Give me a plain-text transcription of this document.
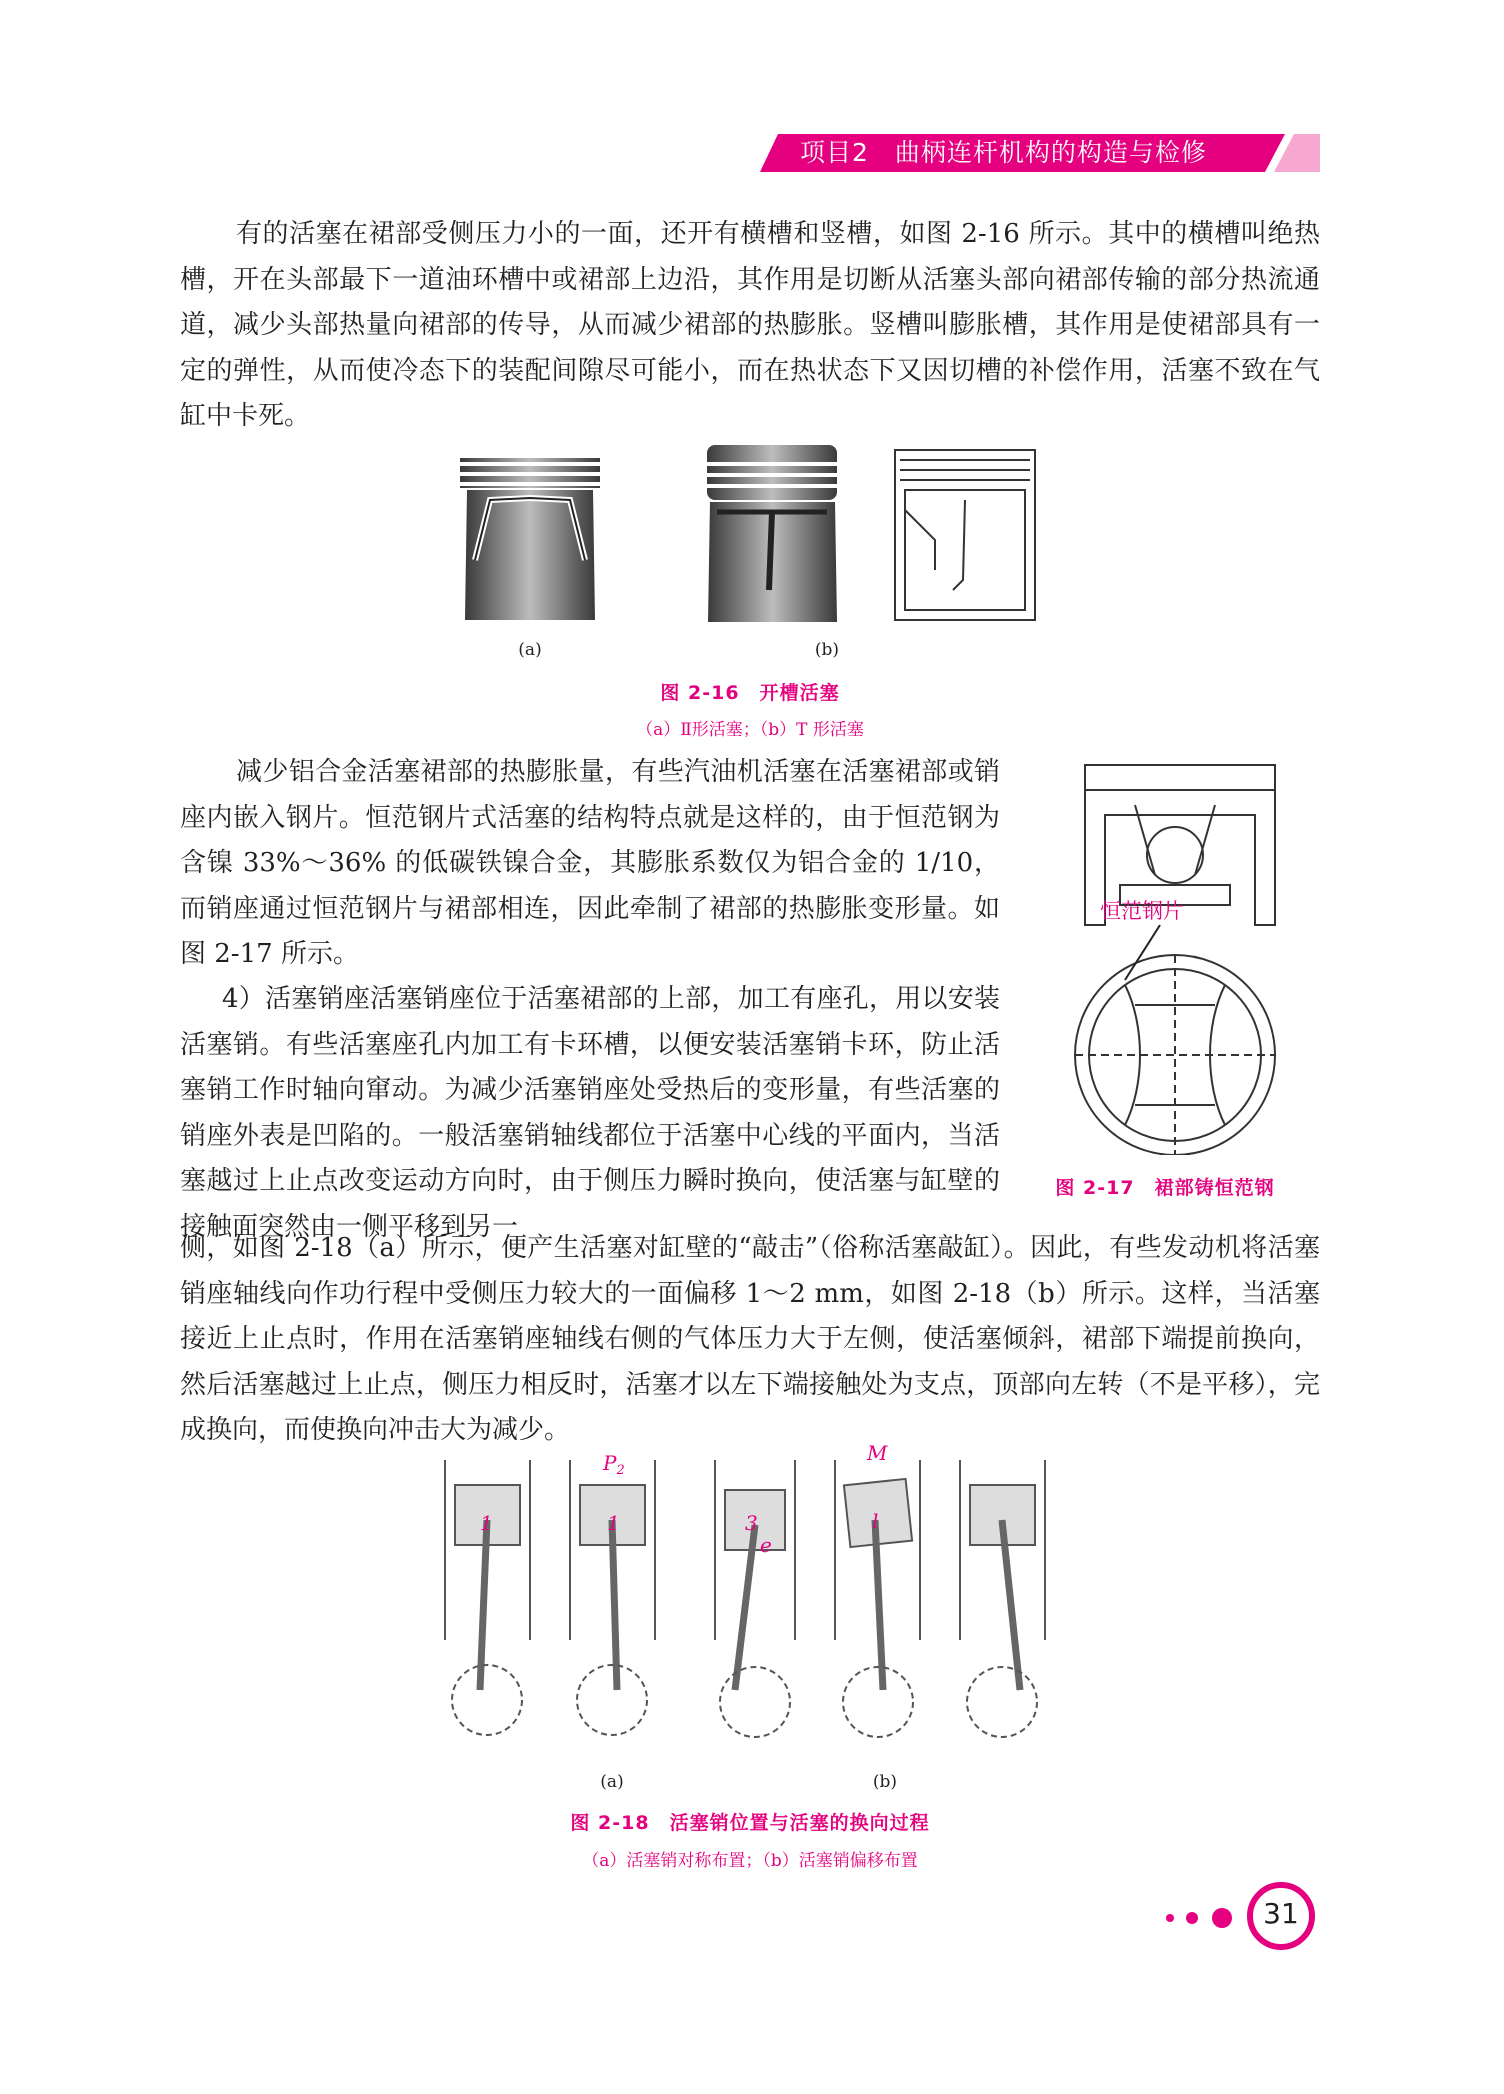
项目2　曲柄连杆机构的构造与检修

有的活塞在裙部受侧压力小的一面，还开有横槽和竖槽，如图 2-16 所示。其中的横槽叫绝热槽，开在头部最下一道油环槽中或裙部上边沿，其作用是切断从活塞头部向裙部传输的部分热流通道，减少头部热量向裙部的传导，从而减少裙部的热膨胀。竖槽叫膨胀槽，其作用是使裙部具有一定的弹性，从而使冷态下的装配间隙尽可能小，而在热状态下又因切槽的补偿作用，活塞不致在气缸中卡死。

(a)	(b)
图 2-16　开槽活塞
（a）Ⅱ形活塞；（b）T 形活塞

减少铝合金活塞裙部的热膨胀量，有些汽油机活塞在活塞裙部或销座内嵌入钢片。恒范钢片式活塞的结构特点就是这样的，由于恒范钢为含镍 33%～36% 的低碳铁镍合金，其膨胀系数仅为铝合金的 1/10，而销座通过恒范钢片与裙部相连，因此牵制了裙部的热膨胀变形量。如图 2-17 所示。

4）活塞销座活塞销座位于活塞裙部的上部，加工有座孔，用以安装活塞销。有些活塞座孔内加工有卡环槽，以便安装活塞销卡环，防止活塞销工作时轴向窜动。为减少活塞销座处受热后的变形量，有些活塞的销座外表是凹陷的。一般活塞销轴线都位于活塞中心线的平面内，当活塞越过上止点改变运动方向时，由于侧压力瞬时换向，使活塞与缸壁的接触面突然由一侧平移到另一

恒范钢片
图 2-17　裙部铸恒范钢

侧，如图 2-18（a）所示，便产生活塞对缸壁的“敲击”（俗称活塞敲缸）。因此，有些发动机将活塞销座轴线向作功行程中受侧压力较大的一面偏移 1～2 mm，如图 2-18（b）所示。这样，当活塞接近上止点时，作用在活塞销座轴线右侧的气体压力大于左侧，使活塞倾斜，裙部下端提前换向，然后活塞越过上止点，侧压力相反时，活塞才以左下端接触处为支点，顶部向左转（不是平移），完成换向，而使换向冲击大为减少。

$P_2$
1	1	3
e
M
l
(a)	(b)
图 2-18　活塞销位置与活塞的换向过程
（a）活塞销对称布置；（b）活塞销偏移布置
31
